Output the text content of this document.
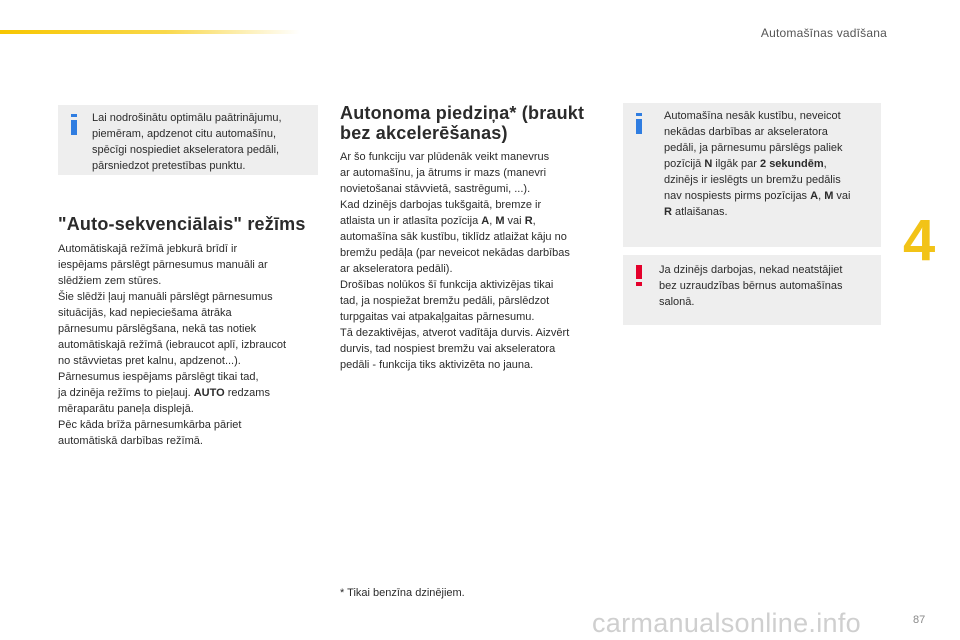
Automašīnas vadīšana
4

Lai nodrošinātu optimālu paātrinājumu,

piemēram, apdzenot citu automašīnu,

spēcīgi nospiediet akseleratora pedāli,

pārsniedzot pretestības punktu.

"Auto-sekvenciālais" režīms

Automātiskajā režīmā jebkurā brīdī ir

iespējams pārslēgt pārnesumus manuāli ar

slēdžiem zem stūres.

Šie slēdži ļauj manuāli pārslēgt pārnesumus

situācijās, kad nepieciešama ātrāka

pārnesumu pārslēgšana, nekā tas notiek

automātiskajā režīmā (iebraucot aplī, izbraucot

no stāvvietas pret kalnu, apdzenot...).

Pārnesumus iespējams pārslēgt tikai tad,

ja dzinēja režīms to pieļauj. AUTO redzams

mēraparātu paneļa displejā.

Pēc kāda brīža pārnesumkārba pāriet

automātiskā darbības režīmā.

Autonoma piedziņa* (braukt
bez akcelerēšanas)

Ar šo funkciju var plūdenāk veikt manevrus

ar automašīnu, ja ātrums ir mazs (manevri

novietošanai stāvvietā, sastrēgumi, ...).

Kad dzinējs darbojas tukšgaitā, bremze ir

atlaista un ir atlasīta pozīcija A, M vai R,

automašīna sāk kustību, tiklīdz atlaižat kāju no

bremžu pedāļa (par neveicot nekādas darbības

ar akseleratora pedāli).

Drošības nolūkos šī funkcija aktivizējas tikai

tad, ja nospiežat bremžu pedāli, pārslēdzot

turpgaitas vai atpakaļgaitas pārnesumu.

Tā dezaktivējas, atverot vadītāja durvis. Aizvērt

durvis, tad nospiest bremžu vai akseleratora

pedāli - funkcija tiks aktivizēta no jauna.

* Tikai benzīna dzinējiem.

Automašīna nesāk kustību, neveicot

nekādas darbības ar akseleratora

pedāli, ja pārnesumu pārslēgs paliek

pozīcijā N ilgāk par 2 sekundēm,

dzinējs ir ieslēgts un bremžu pedālis

nav nospiests pirms pozīcijas A, M vai

R atlaišanas.

Ja dzinējs darbojas, nekad neatstājiet

bez uzraudzības bērnus automašīnas

salonā.

carmanualsonline.info	87
